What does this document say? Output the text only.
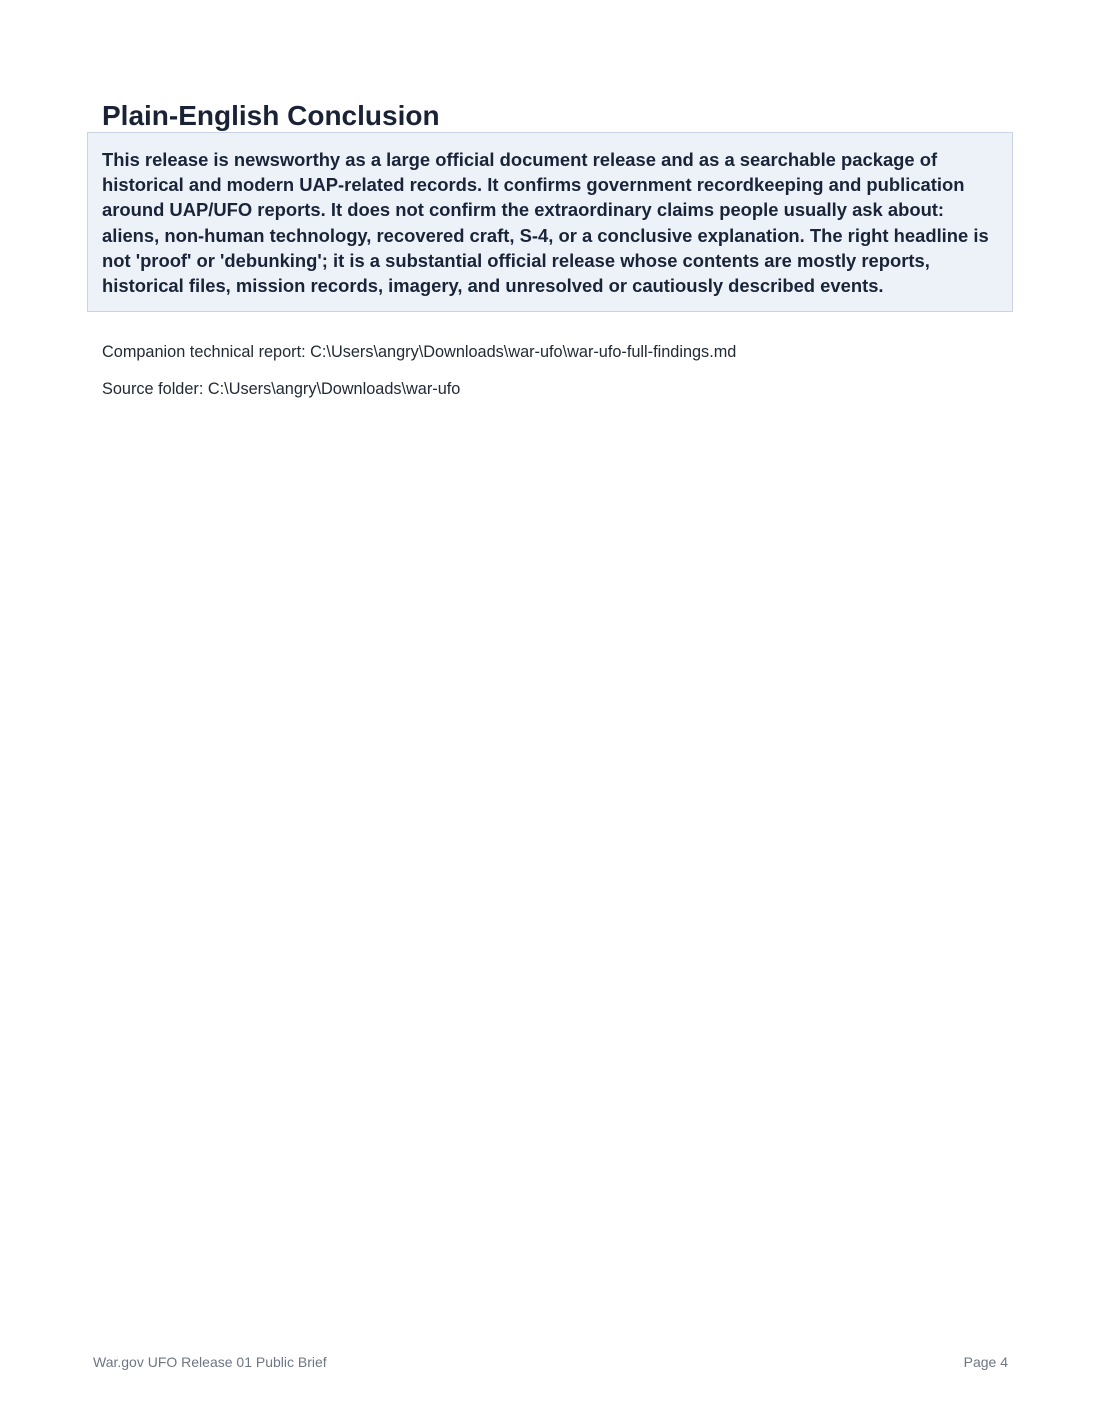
Plain-English Conclusion

This release is newsworthy as a large official document release and as a searchable package of historical and modern UAP-related records. It confirms government recordkeeping and publication around UAP/UFO reports. It does not confirm the extraordinary claims people usually ask about: aliens, non-human technology, recovered craft, S-4, or a conclusive explanation. The right headline is not 'proof' or 'debunking'; it is a substantial official release whose contents are mostly reports, historical files, mission records, imagery, and unresolved or cautiously described events.

Companion technical report: C:\Users\angry\Downloads\war-ufo\war-ufo-full-findings.md

Source folder: C:\Users\angry\Downloads\war-ufo

War.gov UFO Release 01 Public Brief	Page 4
